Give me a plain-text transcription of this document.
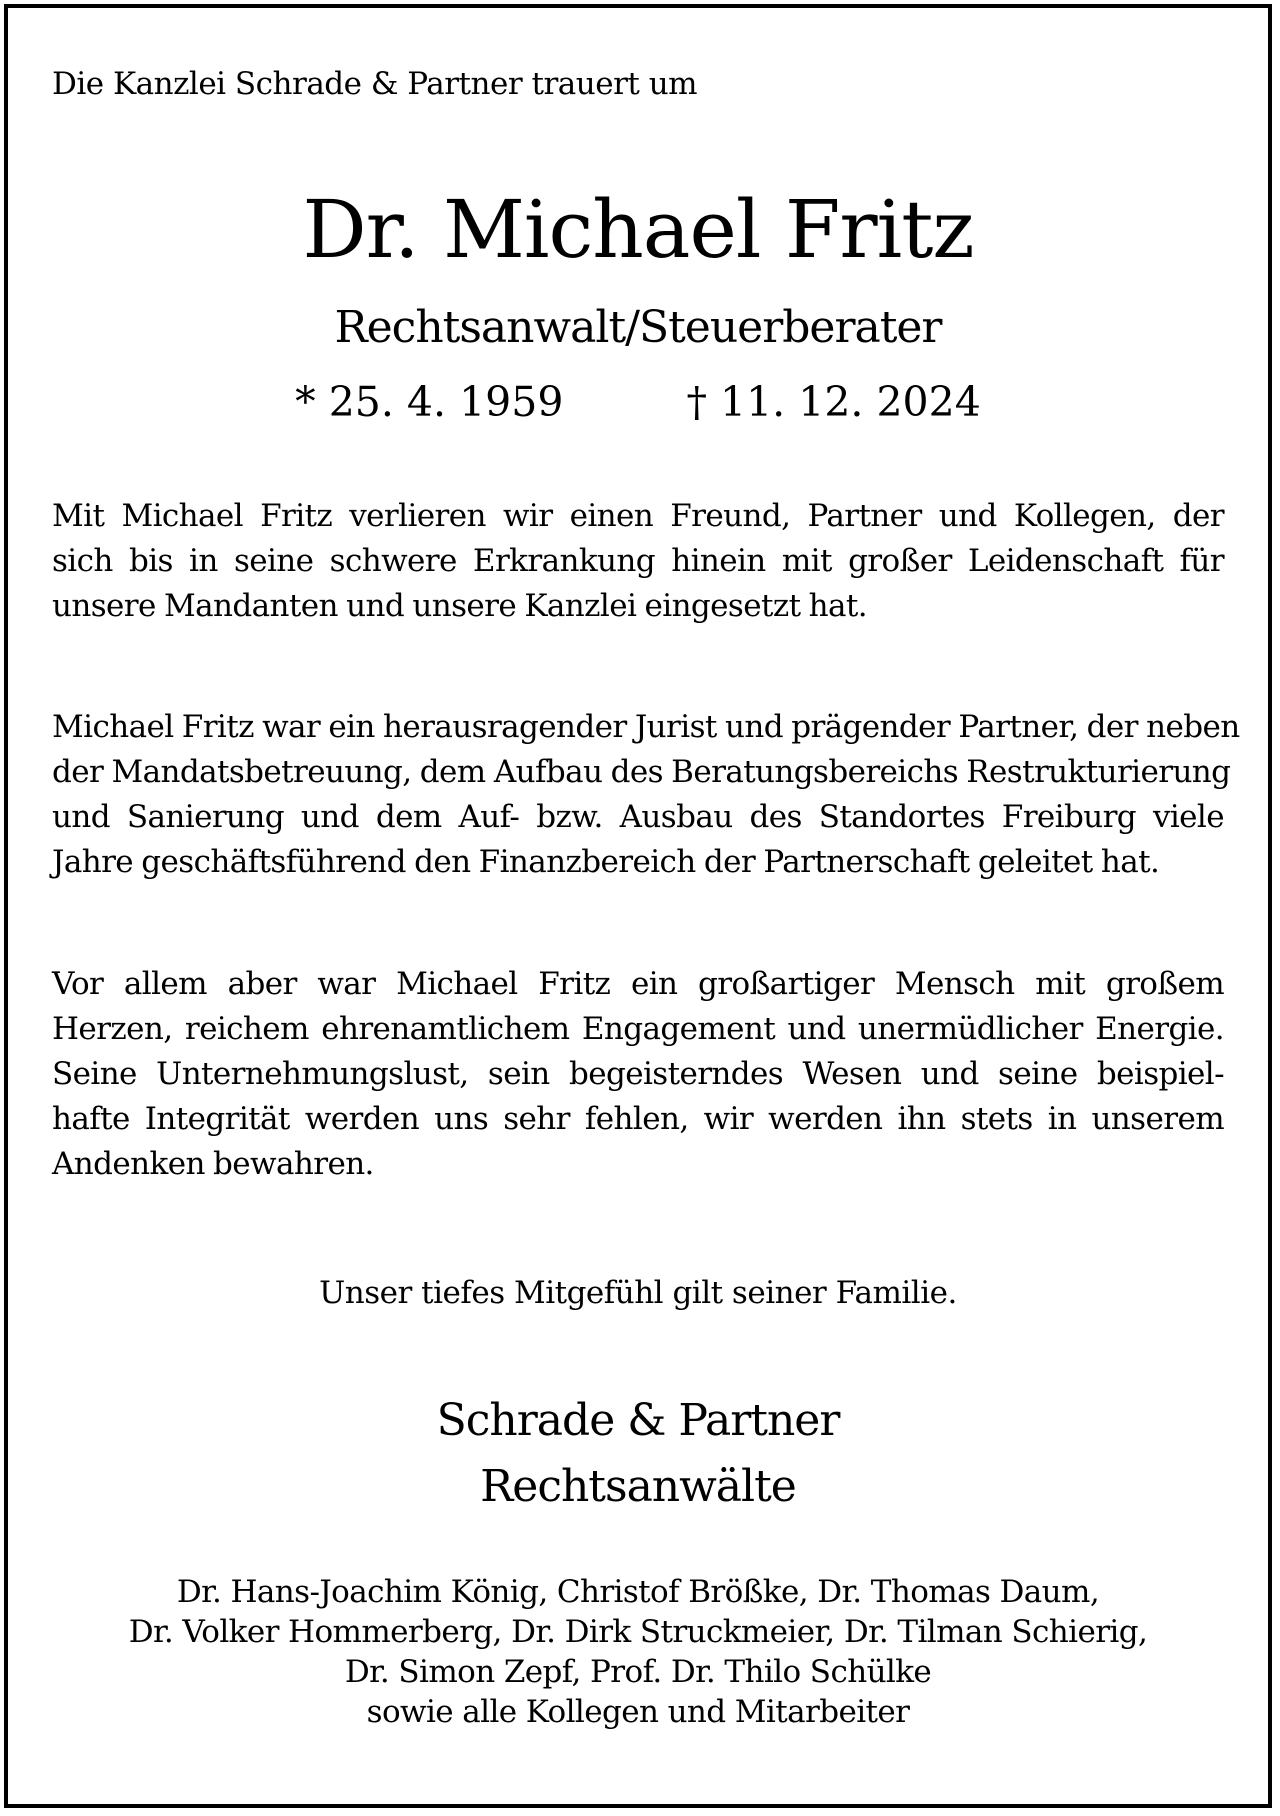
Die Kanzlei Schrade & Partner trauert um
Dr. Michael Fritz
Rechtsanwalt/Steuerberater
* 25. 4. 1959	† 11. 12. 2024
Mit Michael Fritz verlieren wir einen Freund, Partner und Kollegen, der
sich bis in seine schwere Erkrankung hinein mit großer Leidenschaft für
unsere Mandanten und unsere Kanzlei eingesetzt hat.
Michael Fritz war ein herausragender Jurist und prägender Partner, der neben
der Mandatsbetreuung, dem Aufbau des Beratungsbereichs Restrukturierung
und Sanierung und dem Auf- bzw. Ausbau des Standortes Freiburg viele
Jahre geschäftsführend den Finanzbereich der Partnerschaft geleitet hat.
Vor allem aber war Michael Fritz ein großartiger Mensch mit großem
Herzen, reichem ehrenamtlichem Engagement und unermüdlicher Energie.
Seine Unternehmungslust, sein begeisterndes Wesen und seine beispiel-
hafte Integrität werden uns sehr fehlen, wir werden ihn stets in unserem
Andenken bewahren.
Unser tiefes Mitgefühl gilt seiner Familie.
Schrade & Partner
Rechtsanwälte
Dr. Hans-Joachim König, Christof Brößke, Dr. Thomas Daum,
Dr. Volker Hommerberg, Dr. Dirk Struckmeier, Dr. Tilman Schierig,
Dr. Simon Zepf, Prof. Dr. Thilo Schülke
sowie alle Kollegen und Mitarbeiter
